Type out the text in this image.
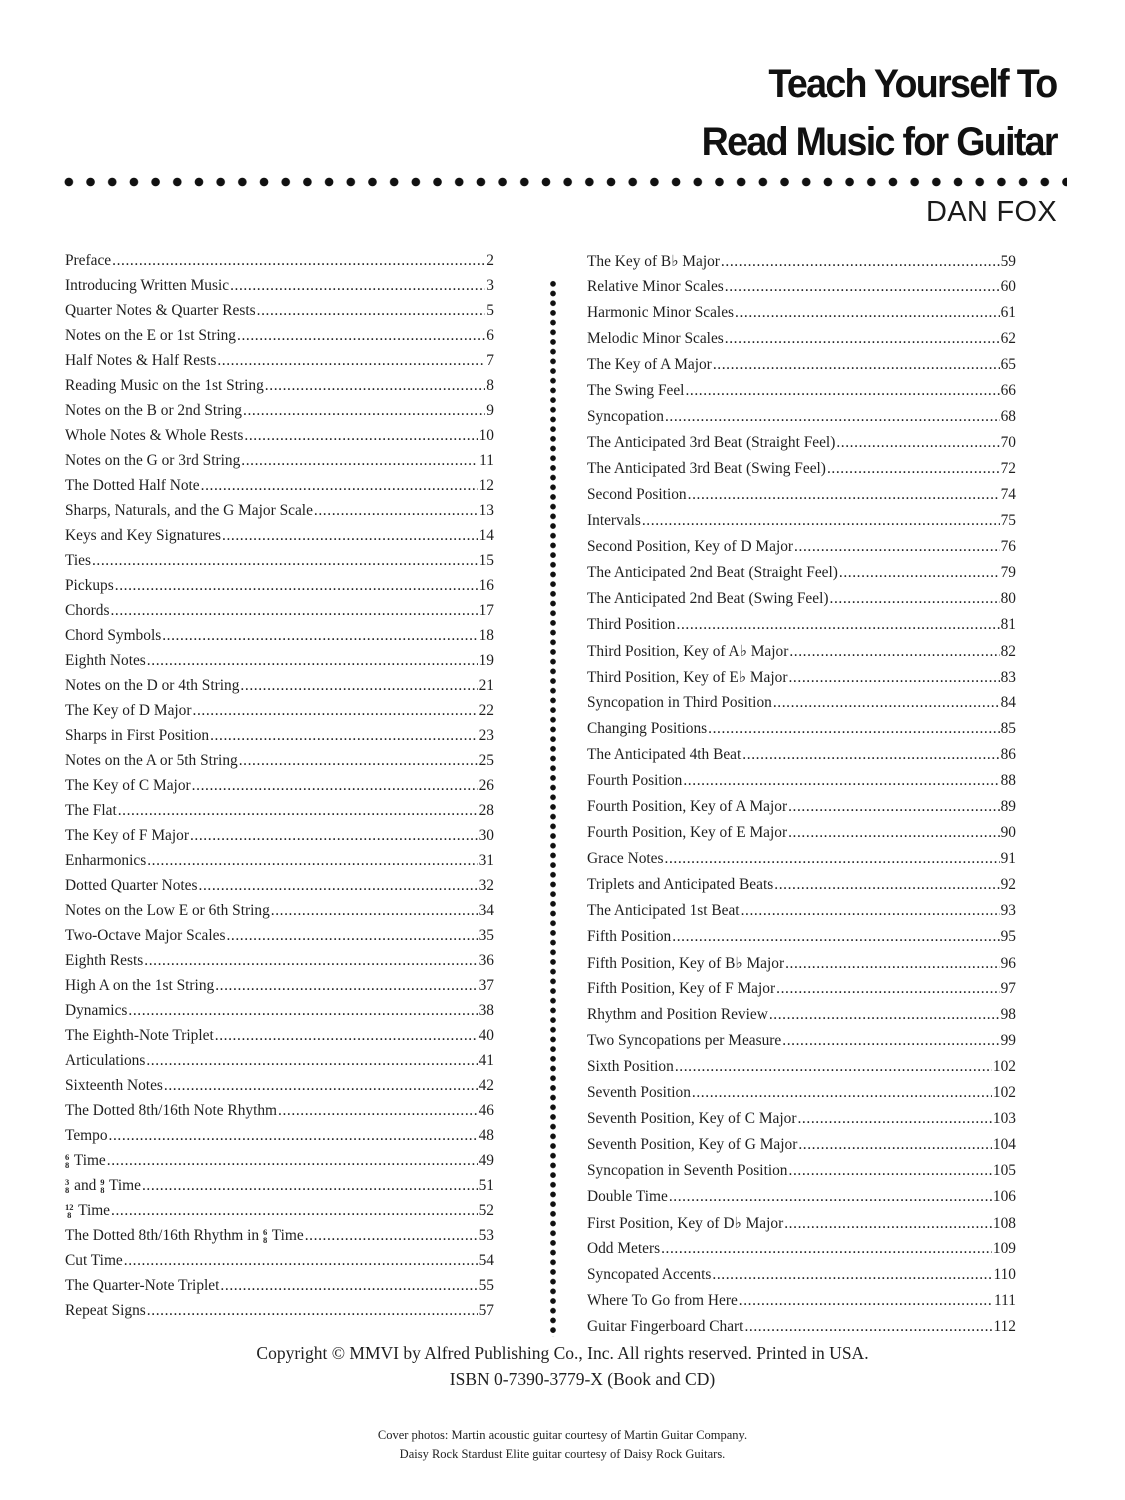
Teach Yourself To
Read Music for Guitar
DAN FOX
Preface .....	2
Introducing Written Music .....	3
Quarter Notes & Quarter Rests .....	5
Notes on the E or 1st String .....	6
Half Notes & Half Rests .....	7
Reading Music on the 1st String .....	8
Notes on the B or 2nd String .....	9
Whole Notes & Whole Rests .....	10
Notes on the G or 3rd String .....	11
The Dotted Half Note .....	12
Sharps, Naturals, and the G Major Scale .....	13
Keys and Key Signatures .....	14
Ties .....	15
Pickups .....	16
Chords .....	17
Chord Symbols .....	18
Eighth Notes .....	19
Notes on the D or 4th String .....	21
The Key of D Major .....	22
Sharps in First Position .....	23
Notes on the A or 5th String .....	25
The Key of C Major .....	26
The Flat .....	28
The Key of F Major .....	30
Enharmonics .....	31
Dotted Quarter Notes .....	32
Notes on the Low E or 6th String .....	34
Two-Octave Major Scales .....	35
Eighth Rests .....	36
High A on the 1st String .....	37
Dynamics .....	38
The Eighth-Note Triplet .....	40
Articulations .....	41
Sixteenth Notes .....	42
The Dotted 8th/16th Note Rhythm .....	46
Tempo .....	48
6
8 Time .....	49
3
8 and 9
8 Time .....	51
12
8 Time .....	52
The Dotted 8th/16th Rhythm in 6
8 Time .....	53
Cut Time .....	54
The Quarter-Note Triplet .....	55
Repeat Signs .....	57
The Key of B♭ Major .....	59
Relative Minor Scales .....	60
Harmonic Minor Scales .....	61
Melodic Minor Scales .....	62
The Key of A Major .....	65
The Swing Feel .....	66
Syncopation .....	68
The Anticipated 3rd Beat (Straight Feel) .....	70
The Anticipated 3rd Beat (Swing Feel) .....	72
Second Position .....	74
Intervals .....	75
Second Position, Key of D Major .....	76
The Anticipated 2nd Beat (Straight Feel) .....	79
The Anticipated 2nd Beat (Swing Feel) .....	80
Third Position .....	81
Third Position, Key of A♭ Major .....	82
Third Position, Key of E♭ Major .....	83
Syncopation in Third Position .....	84
Changing Positions .....	85
The Anticipated 4th Beat .....	86
Fourth Position .....	88
Fourth Position, Key of A Major .....	89
Fourth Position, Key of E Major .....	90
Grace Notes .....	91
Triplets and Anticipated Beats .....	92
The Anticipated 1st Beat .....	93
Fifth Position .....	95
Fifth Position, Key of B♭ Major .....	96
Fifth Position, Key of F Major .....	97
Rhythm and Position Review .....	98
Two Syncopations per Measure .....	99
Sixth Position .....	102
Seventh Position .....	102
Seventh Position, Key of C Major .....	103
Seventh Position, Key of G Major .....	104
Syncopation in Seventh Position .....	105
Double Time .....	106
First Position, Key of D♭ Major .....	108
Odd Meters .....	109
Syncopated Accents .....	110
Where To Go from Here .....	111
Guitar Fingerboard Chart .....	112
Copyright © MMVI by Alfred Publishing Co., Inc. All rights reserved. Printed in USA.
ISBN 0-7390-3779-X (Book and CD)
Cover photos: Martin acoustic guitar courtesy of Martin Guitar Company.
Daisy Rock Stardust Elite guitar courtesy of Daisy Rock Guitars.
